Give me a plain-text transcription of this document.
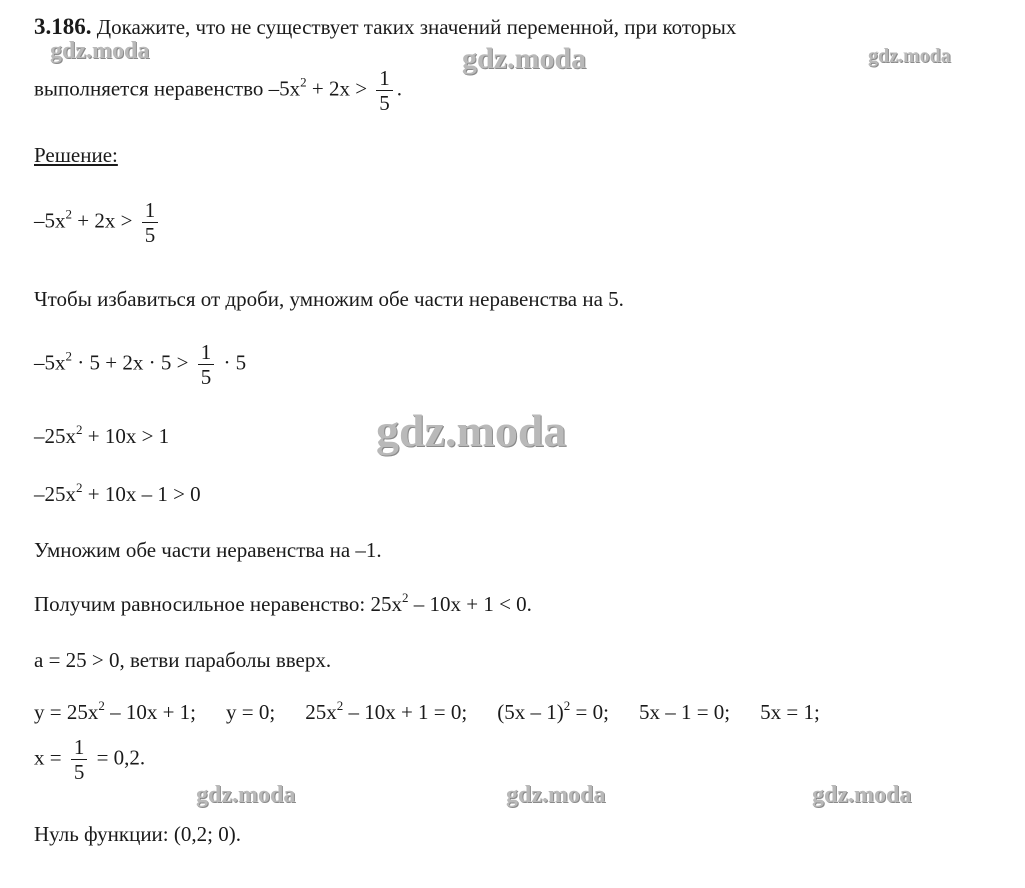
3.186. Докажите, что не существует таких значений переменной, при которых
выполняется неравенство $-5x^2 + 2x > \frac{1}{5}$ .
Решение:
$-5x^2 + 2x > \frac{1}{5}$
Чтобы избавиться от дроби, умножим обе части неравенства на 5.
$-5x^2 \cdot 5 + 2x \cdot 5 > \frac{1}{5} \cdot 5$
$-25x^2 + 10x > 1$
$-25x^2 + 10x - 1 > 0$
Умножим обе части неравенства на –1.
Получим равносильное неравенство: $25x^2 - 10x + 1 < 0$.
a = 25 > 0, ветви параболы вверх.
$y = 25x^2 - 10x + 1$; y = 0; $25x^2 - 10x + 1 = 0$; (5x – 1)$^2$ = 0; 5x – 1 = 0; 5x = 1;
$x = \frac{1}{5} = 0,2$.
Нуль функции: (0,2; 0).
gdz.moda	gdz.moda	gdz.moda
gdz.moda
gdz.moda	gdz.moda	gdz.moda
